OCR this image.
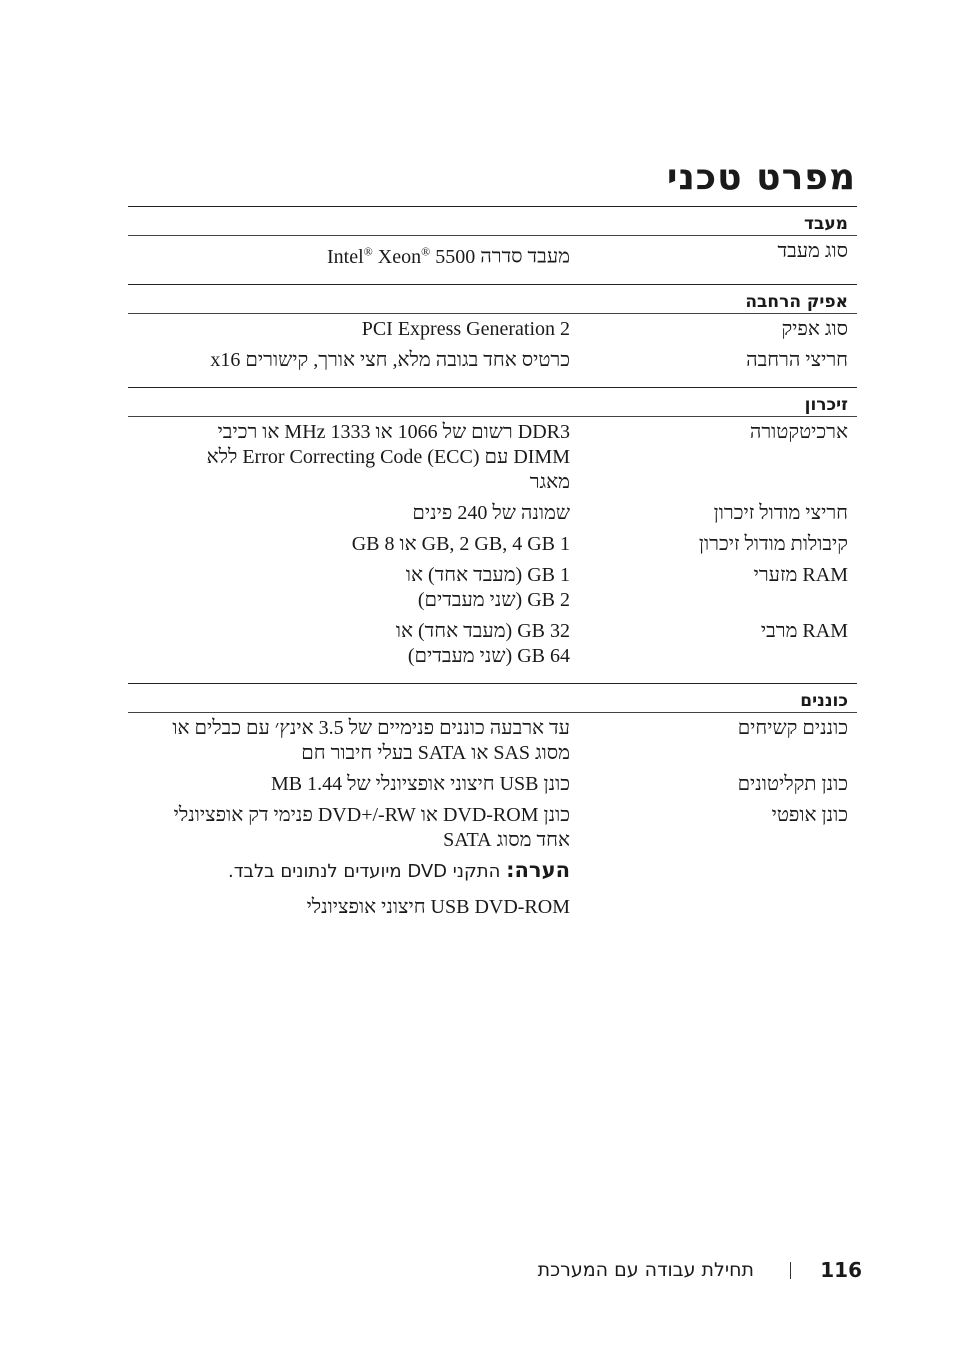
מפרט טכני
מעבד
סוג מעבד
מעבד סדרה Intel® Xeon® 5500
אפיק הרחבה
סוג אפיק
PCI Express Generation 2
חריצי הרחבה
כרטיס אחד בגובה מלא, חצי אורך, קישורים x16
זיכרון
ארכיטקטורה
DDR3 רשום של 1066 או 1333 MHz או רכיבי
DIMM עם Error Correcting Code (ECC) ללא
מאגר
חריצי מודול זיכרון
שמונה של 240 פינים
קיבולות מודול זיכרון
1 GB, 2 GB, 4 GB או 8 GB
RAM מזערי
1 GB (מעבד אחד) או
2 GB (שני מעבדים)
RAM מרבי
32 GB (מעבד אחד) או
64 GB (שני מעבדים)
כוננים
כוננים קשיחים
עד ארבעה כוננים פנימיים של 3.5 אינץ׳ עם כבלים או
מסוג SAS או SATA בעלי חיבור חם
כונן תקליטונים
כונן USB חיצוני אופציונלי של 1.44 MB
כונן אופטי
כונן DVD-ROM או DVD+/-RW פנימי דק אופציונלי
אחד מסוג SATA
הערה: התקני DVD מיועדים לנתונים בלבד.
USB DVD-ROM חיצוני אופציונלי
116
תחילת עבודה עם המערכת
